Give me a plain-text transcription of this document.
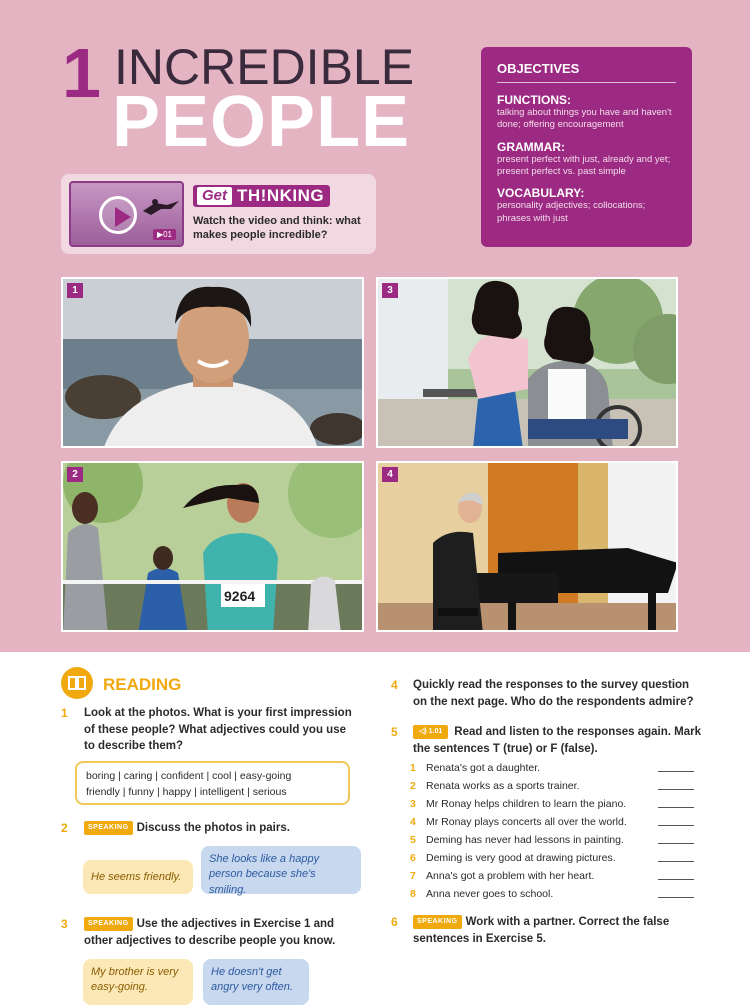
1 INCREDIBLE
PEOPLE
OBJECTIVES
FUNCTIONS:
talking about things you have and haven't done; offering encouragement
GRAMMAR:
present perfect with just, already and yet; present perfect vs. past simple
VOCABULARY:
personality adjectives; collocations; phrases with just
▶01
Get TH!NKING
Watch the video and think: what makes people incredible?
1	3
9264
2	4
READING
1 Look at the photos. What is your first impression of these people? What adjectives could you use to describe them?
boring | caring | confident | cool | easy-going
friendly | funny | happy | intelligent | serious
2	SPEAKING Discuss the photos in pairs.
He seems friendly.
She looks like a happy person because she's smiling.
3	SPEAKING Use the adjectives in Exercise 1 and other adjectives to describe people you know.
My brother is very easy-going.
He doesn't get angry very often.
4 Quickly read the responses to the survey question on the next page. Who do the respondents admire?
5	◁) 1.01 Read and listen to the responses again. Mark the sentences T (true) or F (false).
1 Renata's got a daughter.
2 Renata works as a sports trainer.
3 Mr Ronay helps children to learn the piano.
4 Mr Ronay plays concerts all over the world.
5 Deming has never had lessons in painting.
6 Deming is very good at drawing pictures.
7 Anna's got a problem with her heart.
8 Anna never goes to school.
6	SPEAKING Work with a partner. Correct the false sentences in Exercise 5.
